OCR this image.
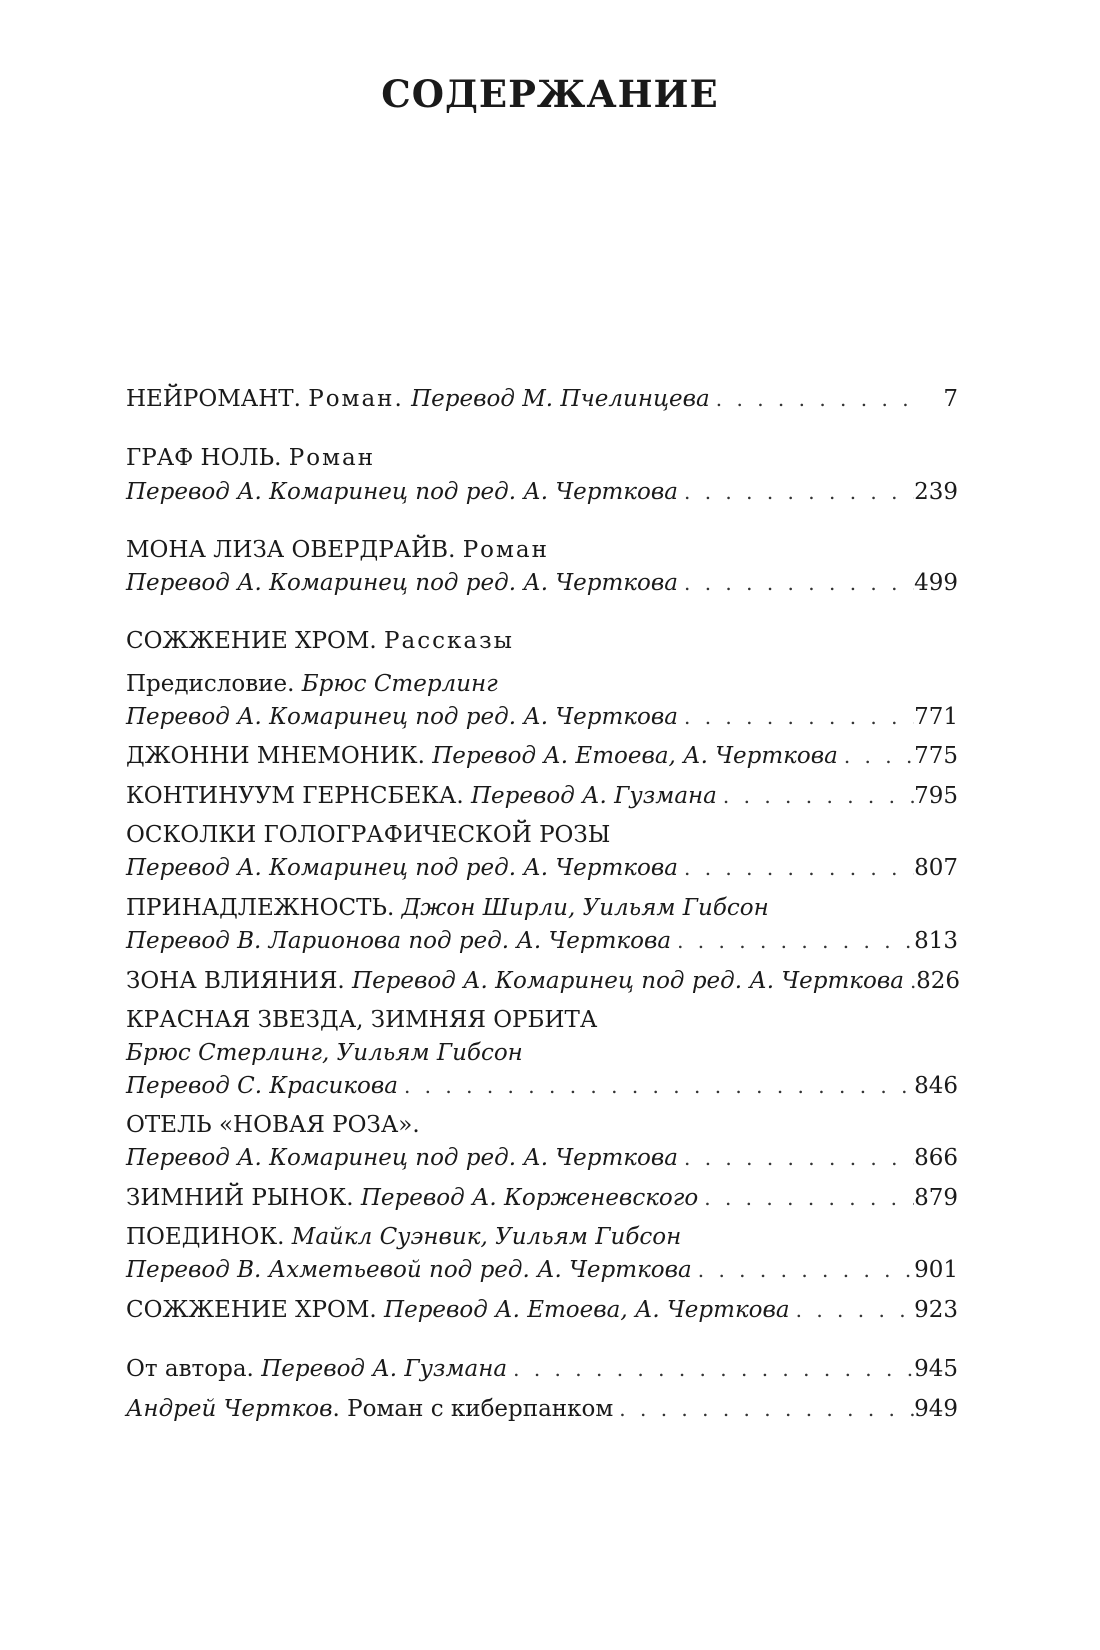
СОДЕРЖАНИЕ
НЕЙРОМАНТ. Роман. Перевод М. Пчелинцева . . .	7
ГРАФ НОЛЬ. Роман
Перевод А. Комаринец под ред. А. Черткова . . .	239
МОНА ЛИЗА ОВЕРДРАЙВ. Роман
Перевод А. Комаринец под ред. А. Черткова . . .	499
СОЖЖЕНИЕ ХРОМ. Рассказы
Предисловие. Брюс Стерлинг
Перевод А. Комаринец под ред. А. Черткова . . .	771
ДЖОННИ МНЕМОНИК. Перевод А. Етоева, А. Черткова . . .	775
КОНТИНУУМ ГЕРНСБЕКА. Перевод А. Гузмана . . .	795
ОСКОЛКИ ГОЛОГРАФИЧЕСКОЙ РОЗЫ
Перевод А. Комаринец под ред. А. Черткова . . .	807
ПРИНАДЛЕЖНОСТЬ. Джон Ширли, Уильям Гибсон
Перевод В. Ларионова под ред. А. Черткова . . .	813
ЗОНА ВЛИЯНИЯ. Перевод А. Комаринец под ред. А. Черткова . . . 826
КРАСНАЯ ЗВЕЗДА, ЗИМНЯЯ ОРБИТА
Брюс Стерлинг, Уильям Гибсон
Перевод С. Красикова . . .	846
ОТЕЛЬ «НОВАЯ РОЗА».
Перевод А. Комаринец под ред. А. Черткова . . .	866
ЗИМНИЙ РЫНОК. Перевод А. Корженевского . . .	879
ПОЕДИНОК. Майкл Суэнвик, Уильям Гибсон
Перевод В. Ахметьевой под ред. А. Черткова . . .	901
СОЖЖЕНИЕ ХРОМ. Перевод А. Етоева, А. Черткова . . .	923
От автора. Перевод А. Гузмана . . .	945
Андрей Чертков. Роман с киберпанком . . .	949
